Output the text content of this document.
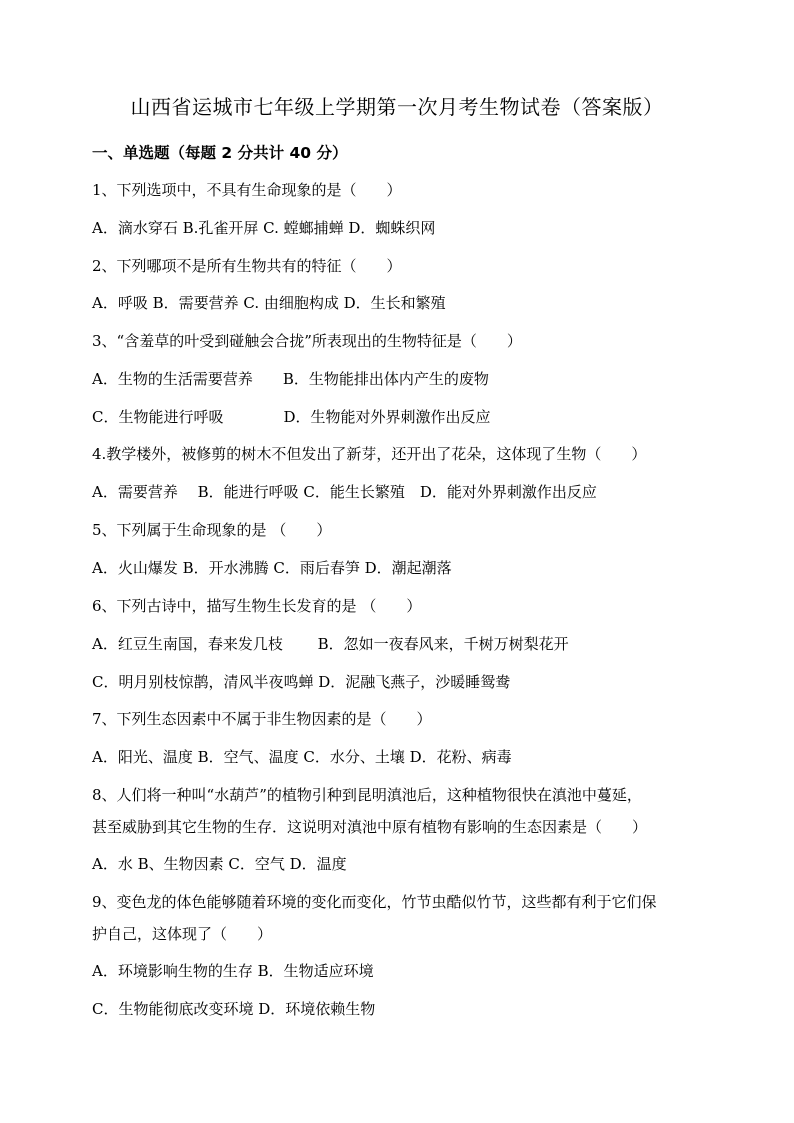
山西省运城市七年级上学期第一次月考生物试卷（答案版）
一、单选题（每题 2 分共计 40 分）
1、下列选项中，不具有生命现象的是（　　）
A．滴水穿石 B.孔雀开屏 C. 螳螂捕蝉 D．蜘蛛织网
2、下列哪项不是所有生物共有的特征（　　）
A．呼吸 B．需要营养 C. 由细胞构成 D．生长和繁殖
3、“含羞草的叶受到碰触会合拢”所表现出的生物特征是（　　）
A．生物的生活需要营养　　B．生物能排出体内产生的废物
C．生物能进行呼吸　　　　D．生物能对外界刺激作出反应
4.教学楼外，被修剪的树木不但发出了新芽，还开出了花朵，这体现了生物（　　）
A．需要营养　 B．能进行呼吸 C．能生长繁殖　D．能对外界刺激作出反应
5、下列属于生命现象的是 （　　）
A．火山爆发 B．开水沸腾 C．雨后春笋 D．潮起潮落
6、下列古诗中，描写生物生长发育的是 （　　）
A．红豆生南国，春来发几枝　　 B．忽如一夜春风来，千树万树梨花开
C．明月别枝惊鹊，清风半夜鸣蝉 D．泥融飞燕子，沙暖睡鸳鸯
7、下列生态因素中不属于非生物因素的是（　　）
A．阳光、温度 B．空气、温度 C．水分、土壤 D．花粉、病毒
8、人们将一种叫“水葫芦”的植物引种到昆明滇池后，这种植物很快在滇池中蔓延，
甚至威胁到其它生物的生存．这说明对滇池中原有植物有影响的生态因素是（　　）
A．水 B、生物因素 C．空气 D．温度
9、变色龙的体色能够随着环境的变化而变化，竹节虫酷似竹节，这些都有利于它们保
护自己，这体现了（　　）
A．环境影响生物的生存 B．生物适应环境
C．生物能彻底改变环境 D．环境依赖生物
